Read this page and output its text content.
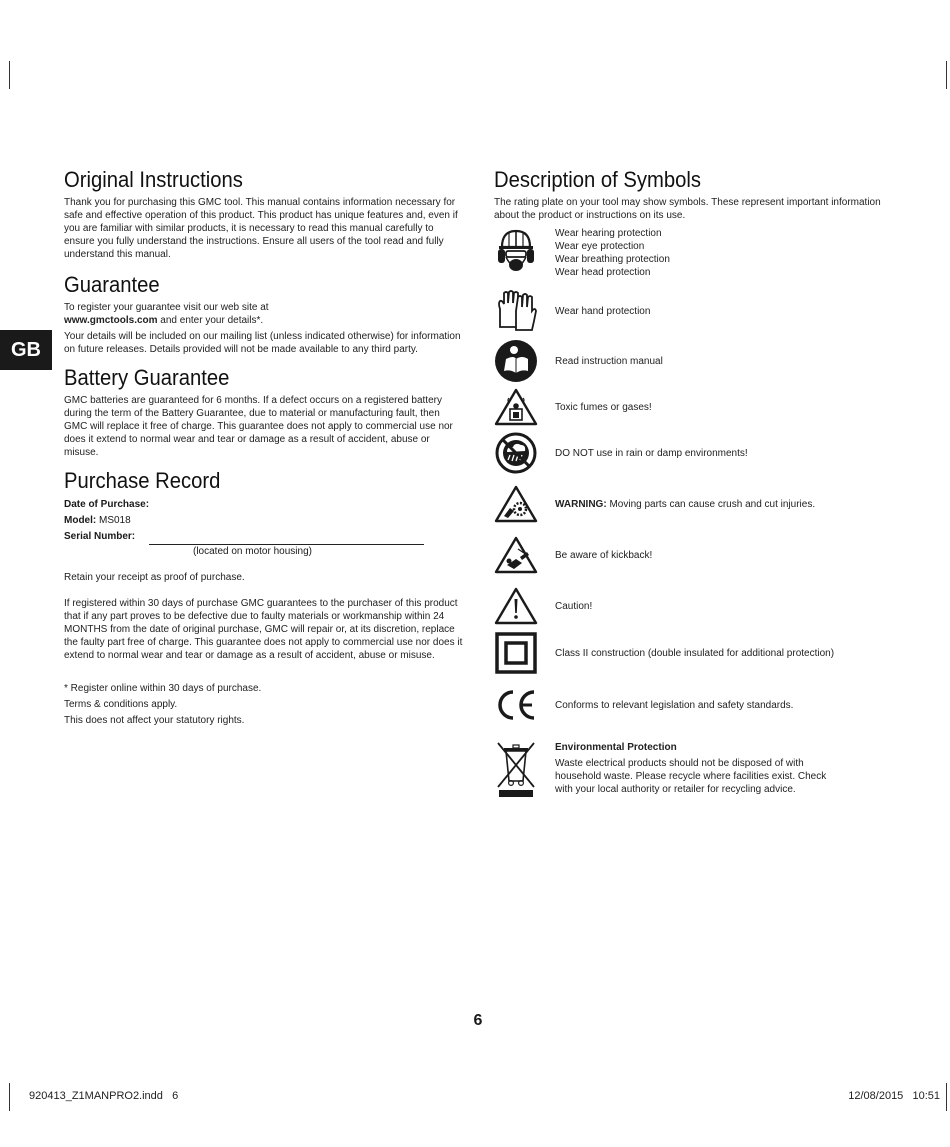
GB
Original Instructions

Thank you for purchasing this GMC tool. This manual contains information necessary for safe and effective operation of this product. This product has unique features and, even if you are familiar with similar products, it is necessary to read this manual carefully to ensure you fully understand the instructions. Ensure all users of the tool read and fully understand this manual.

Guarantee

To register your guarantee visit our web site at

www.gmctools.com and enter your details*.

Your details will be included on our mailing list (unless indicated otherwise) for information on future releases. Details provided will not be made available to any third party.

Battery Guarantee

GMC batteries are guaranteed for 6 months. If a defect occurs on a registered battery during the term of the Battery Guarantee, due to material or manufacturing fault, then GMC will replace it free of charge. This guarantee does not apply to commercial use nor does it extend to normal wear and tear or damage as a result of accident, abuse or misuse.

Purchase Record
Date of Purchase:
Model: MS018
Serial Number:
(located on motor housing)

Retain your receipt as proof of purchase.

If registered within 30 days of purchase GMC guarantees to the purchaser of this product that if any part proves to be defective due to faulty materials or workmanship within 24 MONTHS from the date of original purchase, GMC will repair or, at its discretion, replace the faulty part free of charge. This guarantee does not apply to commercial use nor does it extend to normal wear and tear or damage as a result of accident, abuse or misuse.

* Register online within 30 days of purchase.

Terms & conditions apply.

This does not affect your statutory rights.

Description of Symbols

The rating plate on your tool may show symbols. These represent important information about the product or instructions on its use.

Wear hearing protection
Wear eye protection
Wear breathing protection
Wear head protection
Wear hand protection
Read instruction manual
Toxic fumes or gases!
DO NOT use in rain or damp environments!
WARNING: Moving parts can cause crush and cut injuries.
Be aware of kickback!
Caution!
Class II construction (double insulated for additional protection)
Conforms to relevant legislation and safety standards.
Environmental Protection
Waste electrical products should not be disposed of with household waste. Please recycle where facilities exist. Check with your local authority or retailer for recycling advice.
6
920413_Z1MANPRO2.indd   6	12/08/2015   10:51
